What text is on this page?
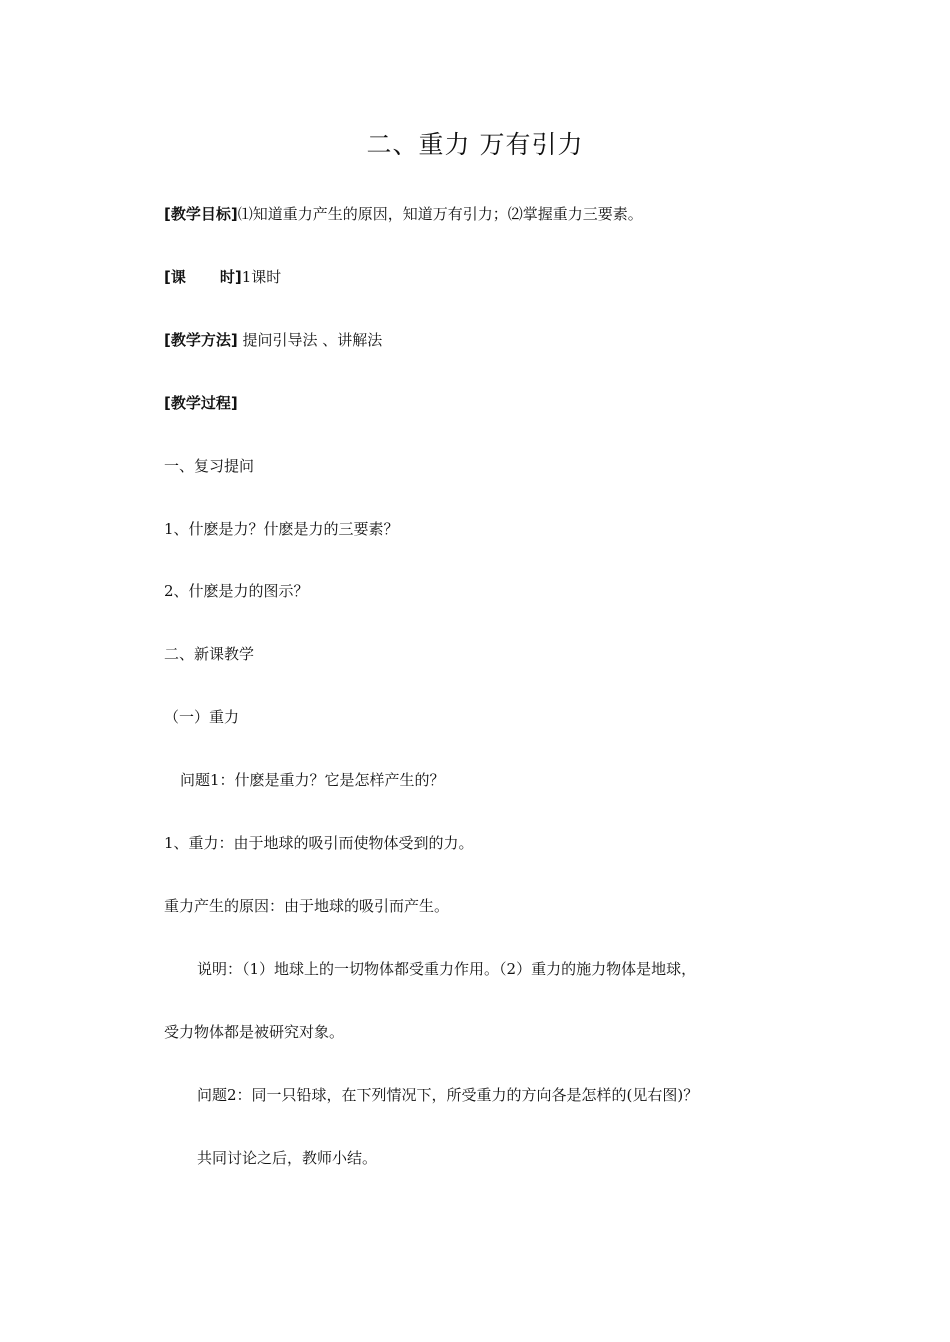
二、重力 万有引力
[教学目标]⑴知道重力产生的原因，知道万有引力；⑵掌握重力三要素。
[课 时]1课时
[教学方法] 提问引导法 、讲解法
[教学过程]
一、复习提问
1、什麽是力？什麽是力的三要素？
2、什麽是力的图示？
二、新课教学
（一）重力
问题1：什麽是重力？它是怎样产生的？
1、重力：由于地球的吸引而使物体受到的力。
重力产生的原因：由于地球的吸引而产生。
说明：（1）地球上的一切物体都受重力作用。（2）重力的施力物体是地球，
受力物体都是被研究对象。
问题2：同一只铅球，在下列情况下，所受重力的方向各是怎样的(见右图)？
共同讨论之后，教师小结。
